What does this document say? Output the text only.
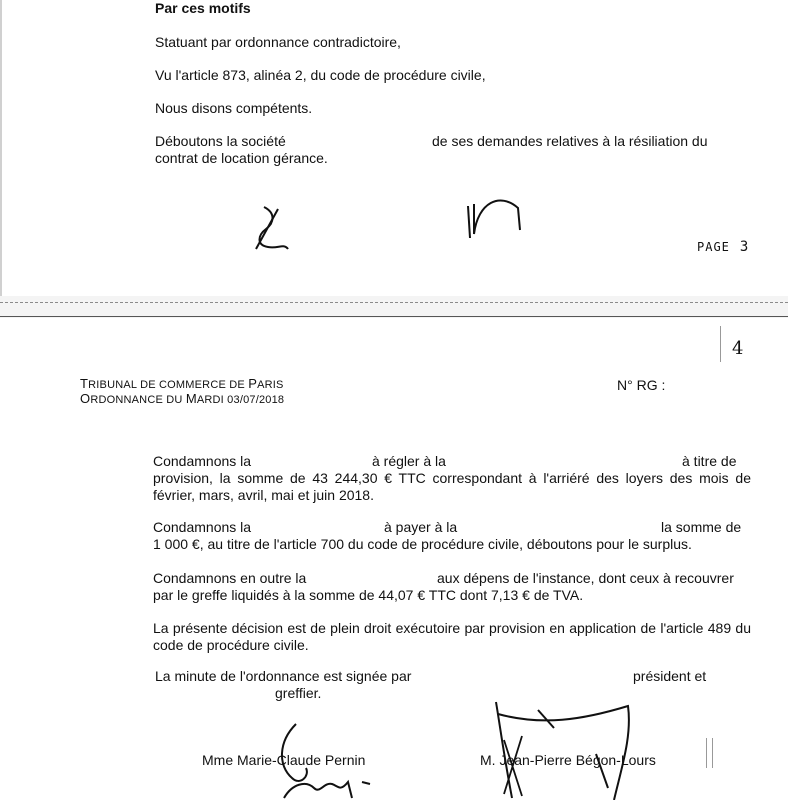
Par ces motifs
Statuant par ordonnance contradictoire,
Vu l'article 873, alinéa 2, du code de procédure civile,
Nous disons compétents.
Déboutons la société	de ses demandes relatives à la résiliation du
contrat de location gérance.
PAGE 3
4
TRIBUNAL DE COMMERCE DE PARIS
ORDONNANCE DU MARDI 03/07/2018
N° RG :
Condamnons la	à régler à la	à titre de
provision, la somme de 43 244,30 € TTC correspondant à l'arriéré des loyers des mois de février, mars, avril, mai et juin 2018.
Condamnons la	à payer à la	la somme de
1 000 €, au titre de l'article 700 du code de procédure civile, déboutons pour le surplus.
Condamnons en outre la	aux dépens de l'instance, dont ceux à recouvrer
par le greffe liquidés à la somme de 44,07 € TTC dont 7,13 € de TVA.
La présente décision est de plein droit exécutoire par provision en application de l'article 489 du code de procédure civile.
La minute de l'ordonnance est signée par	président et
greffier.
Mme Marie-Claude Pernin	M. Jean-Pierre Bégon-Lours
